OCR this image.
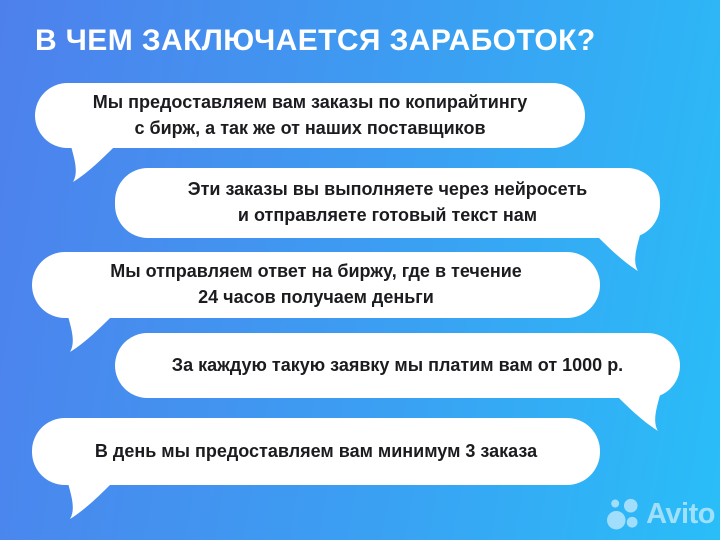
В ЧЕМ ЗАКЛЮЧАЕТСЯ ЗАРАБОТОК?
Мы предоставляем вам заказы по копирайтингу
с бирж, а так же от наших поставщиков
Эти заказы вы выполняете через нейросеть
и отправляете готовый текст нам
Мы отправляем ответ на биржу, где в течение
24 часов получаем деньги
За каждую такую заявку мы платим вам от 1000 р.
В день мы предоставляем вам минимум 3 заказа
Avito
